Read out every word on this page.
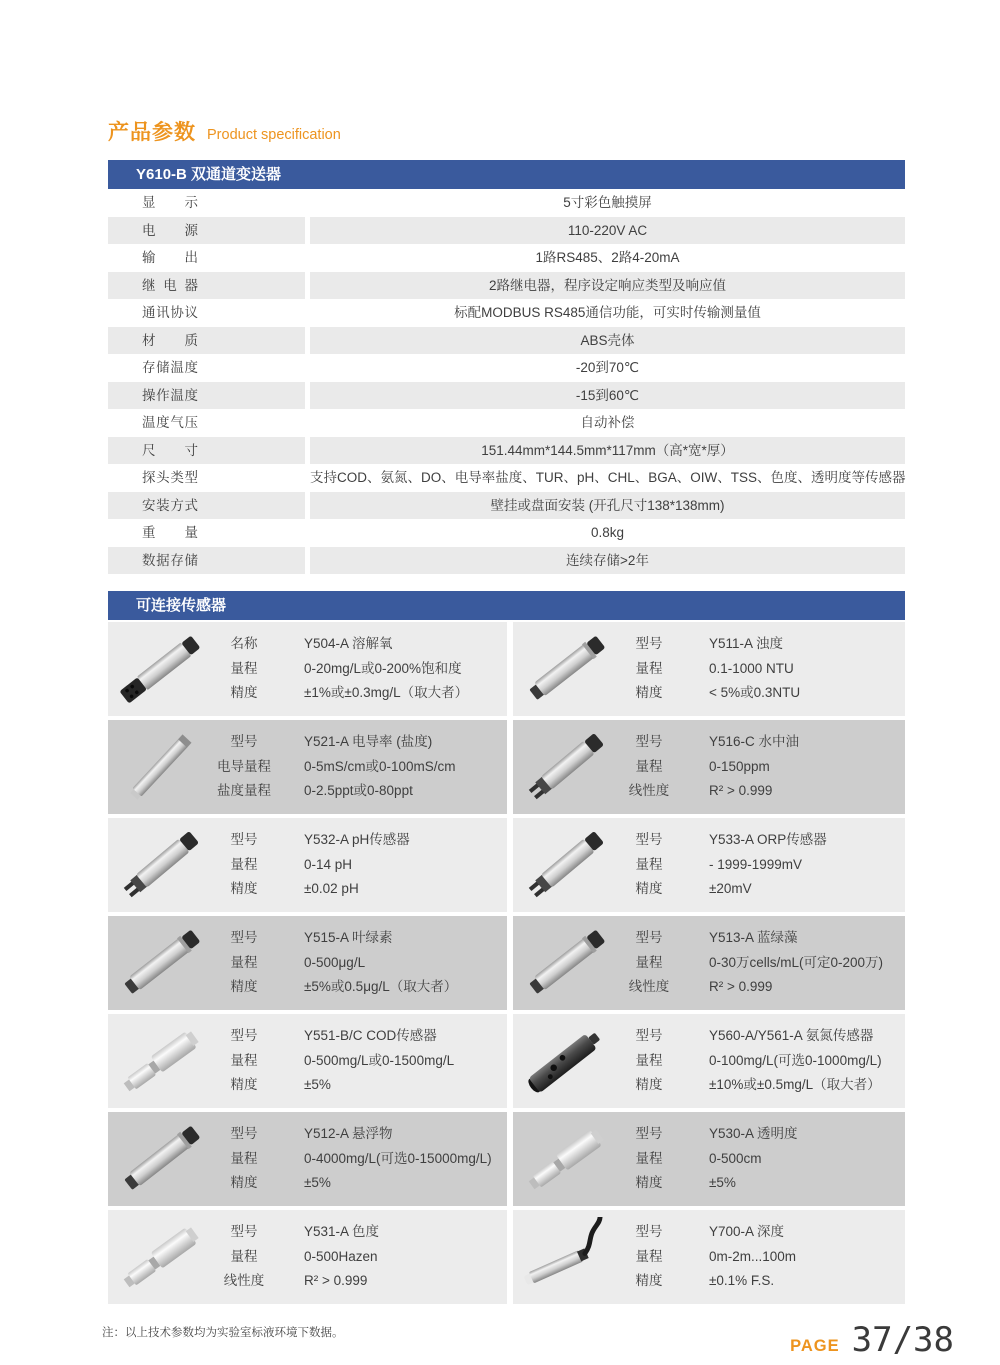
产品参数 Product specification
Y610-B 双通道变送器
显示	5寸彩色触摸屏
电源	110-220V AC
输出	1路RS485、2路4-20mA
继电器	2路继电器，程序设定响应类型及响应值
通讯协议	标配MODBUS RS485通信功能，可实时传输测量值
材质	ABS壳体
存储温度	-20到70℃
操作温度	-15到60℃
温度气压	自动补偿
尺寸	151.44mm*144.5mm*117mm（高*宽*厚）
探头类型	支持COD、氨氮、DO、电导率盐度、TUR、pH、CHL、BGA、OIW、TSS、色度、透明度等传感器
安装方式	壁挂或盘面安装 (开孔尺寸138*138mm)
重量	0.8kg
数据存储	连续存储>2年
可连接传感器
名称	Y504-A 溶解氧
量程	0-20mg/L或0-200%饱和度
精度	±1%或±0.3mg/L（取大者）
型号	Y511-A 浊度
量程	0.1-1000 NTU
精度	< 5%或0.3NTU
型号	Y521-A 电导率 (盐度)
电导量程	0-5mS/cm或0-100mS/cm
盐度量程	0-2.5ppt或0-80ppt
型号	Y516-C 水中油
量程	0-150ppm
线性度	R² > 0.999
型号	Y532-A pH传感器
量程	0-14 pH
精度	±0.02 pH
型号	Y533-A ORP传感器
量程	- 1999-1999mV
精度	±20mV
型号	Y515-A 叶绿素
量程	0-500μg/L
精度	±5%或0.5μg/L（取大者）
型号	Y513-A 蓝绿藻
量程	0-30万cells/mL(可定0-200万)
线性度	R² > 0.999
型号	Y551-B/C COD传感器
量程	0-500mg/L或0-1500mg/L
精度	±5%
型号	Y560-A/Y561-A 氨氮传感器
量程	0-100mg/L(可选0-1000mg/L)
精度	±10%或±0.5mg/L（取大者）
型号	Y512-A 悬浮物
量程	0-4000mg/L(可选0-15000mg/L)
精度	±5%
型号	Y530-A 透明度
量程	0-500cm
精度	±5%
型号	Y531-A 色度
量程	0-500Hazen
线性度	R² > 0.999
型号	Y700-A 深度
量程	0m-2m...100m
精度	±0.1% F.S.
注：以上技术参数均为实验室标液环境下数据。
PAGE 37/38
